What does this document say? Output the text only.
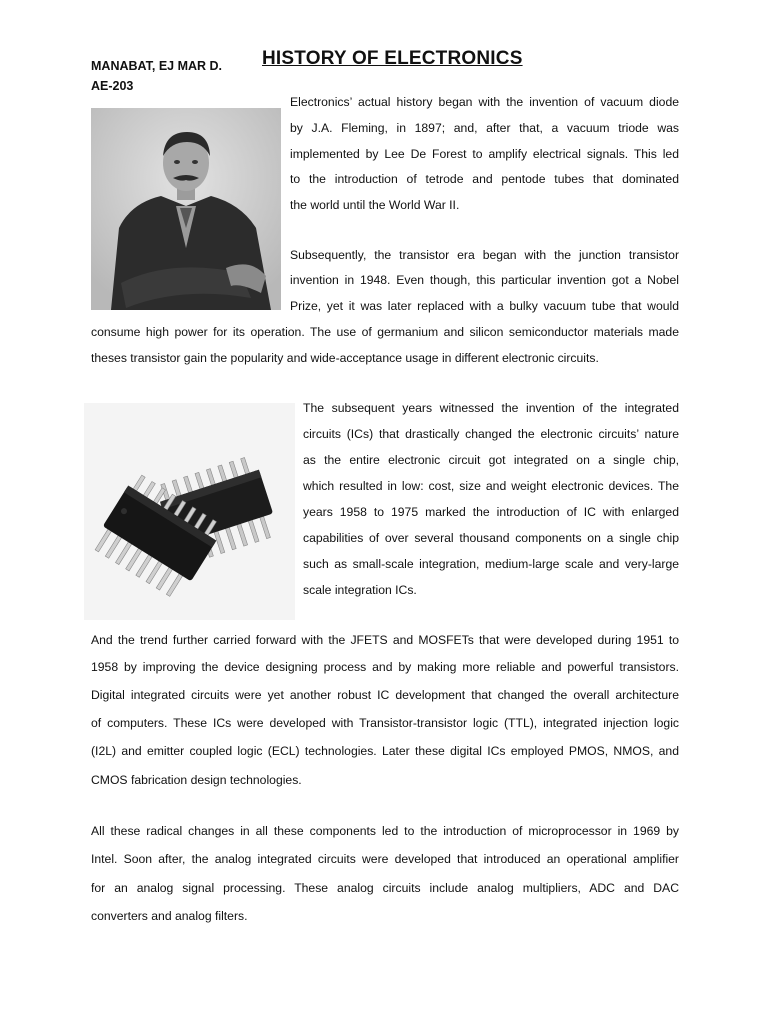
MANABAT, EJ MAR D.
AE-203
HISTORY OF ELECTRONICS
Electronics’ actual history began with the invention of vacuum diode
by J.A. Fleming, in 1897; and, after that, a vacuum triode was
implemented by Lee De Forest to amplify electrical signals. This led
to the introduction of tetrode and pentode tubes that dominated
the world until the World War II.
Subsequently, the transistor era began with the junction transistor
invention in 1948. Even though, this particular invention got a Nobel
Prize, yet it was later replaced with a bulky vacuum tube that would
consume high power for its operation. The use of germanium and silicon semiconductor materials made
theses transistor gain the popularity and wide-acceptance usage in different electronic circuits.
The subsequent years witnessed the invention of the integrated
circuits (ICs) that drastically changed the electronic circuits’ nature
as the entire electronic circuit got integrated on a single chip,
which resulted in low: cost, size and weight electronic devices. The
years 1958 to 1975 marked the introduction of IC with enlarged
capabilities of over several thousand components on a single chip
such as small-scale integration, medium-large scale and very-large
scale integration ICs.
And the trend further carried forward with the JFETS and MOSFETs that were developed during 1951 to
1958 by improving the device designing process and by making more reliable and powerful transistors.
Digital integrated circuits were yet another robust IC development that changed the overall architecture
of computers. These ICs were developed with Transistor-transistor logic (TTL), integrated injection logic
(I2L) and emitter coupled logic (ECL) technologies. Later these digital ICs employed PMOS, NMOS, and
CMOS fabrication design technologies.
All these radical changes in all these components led to the introduction of microprocessor in 1969 by
Intel. Soon after, the analog integrated circuits were developed that introduced an operational amplifier
for an analog signal processing. These analog circuits include analog multipliers, ADC and DAC
converters and analog filters.
